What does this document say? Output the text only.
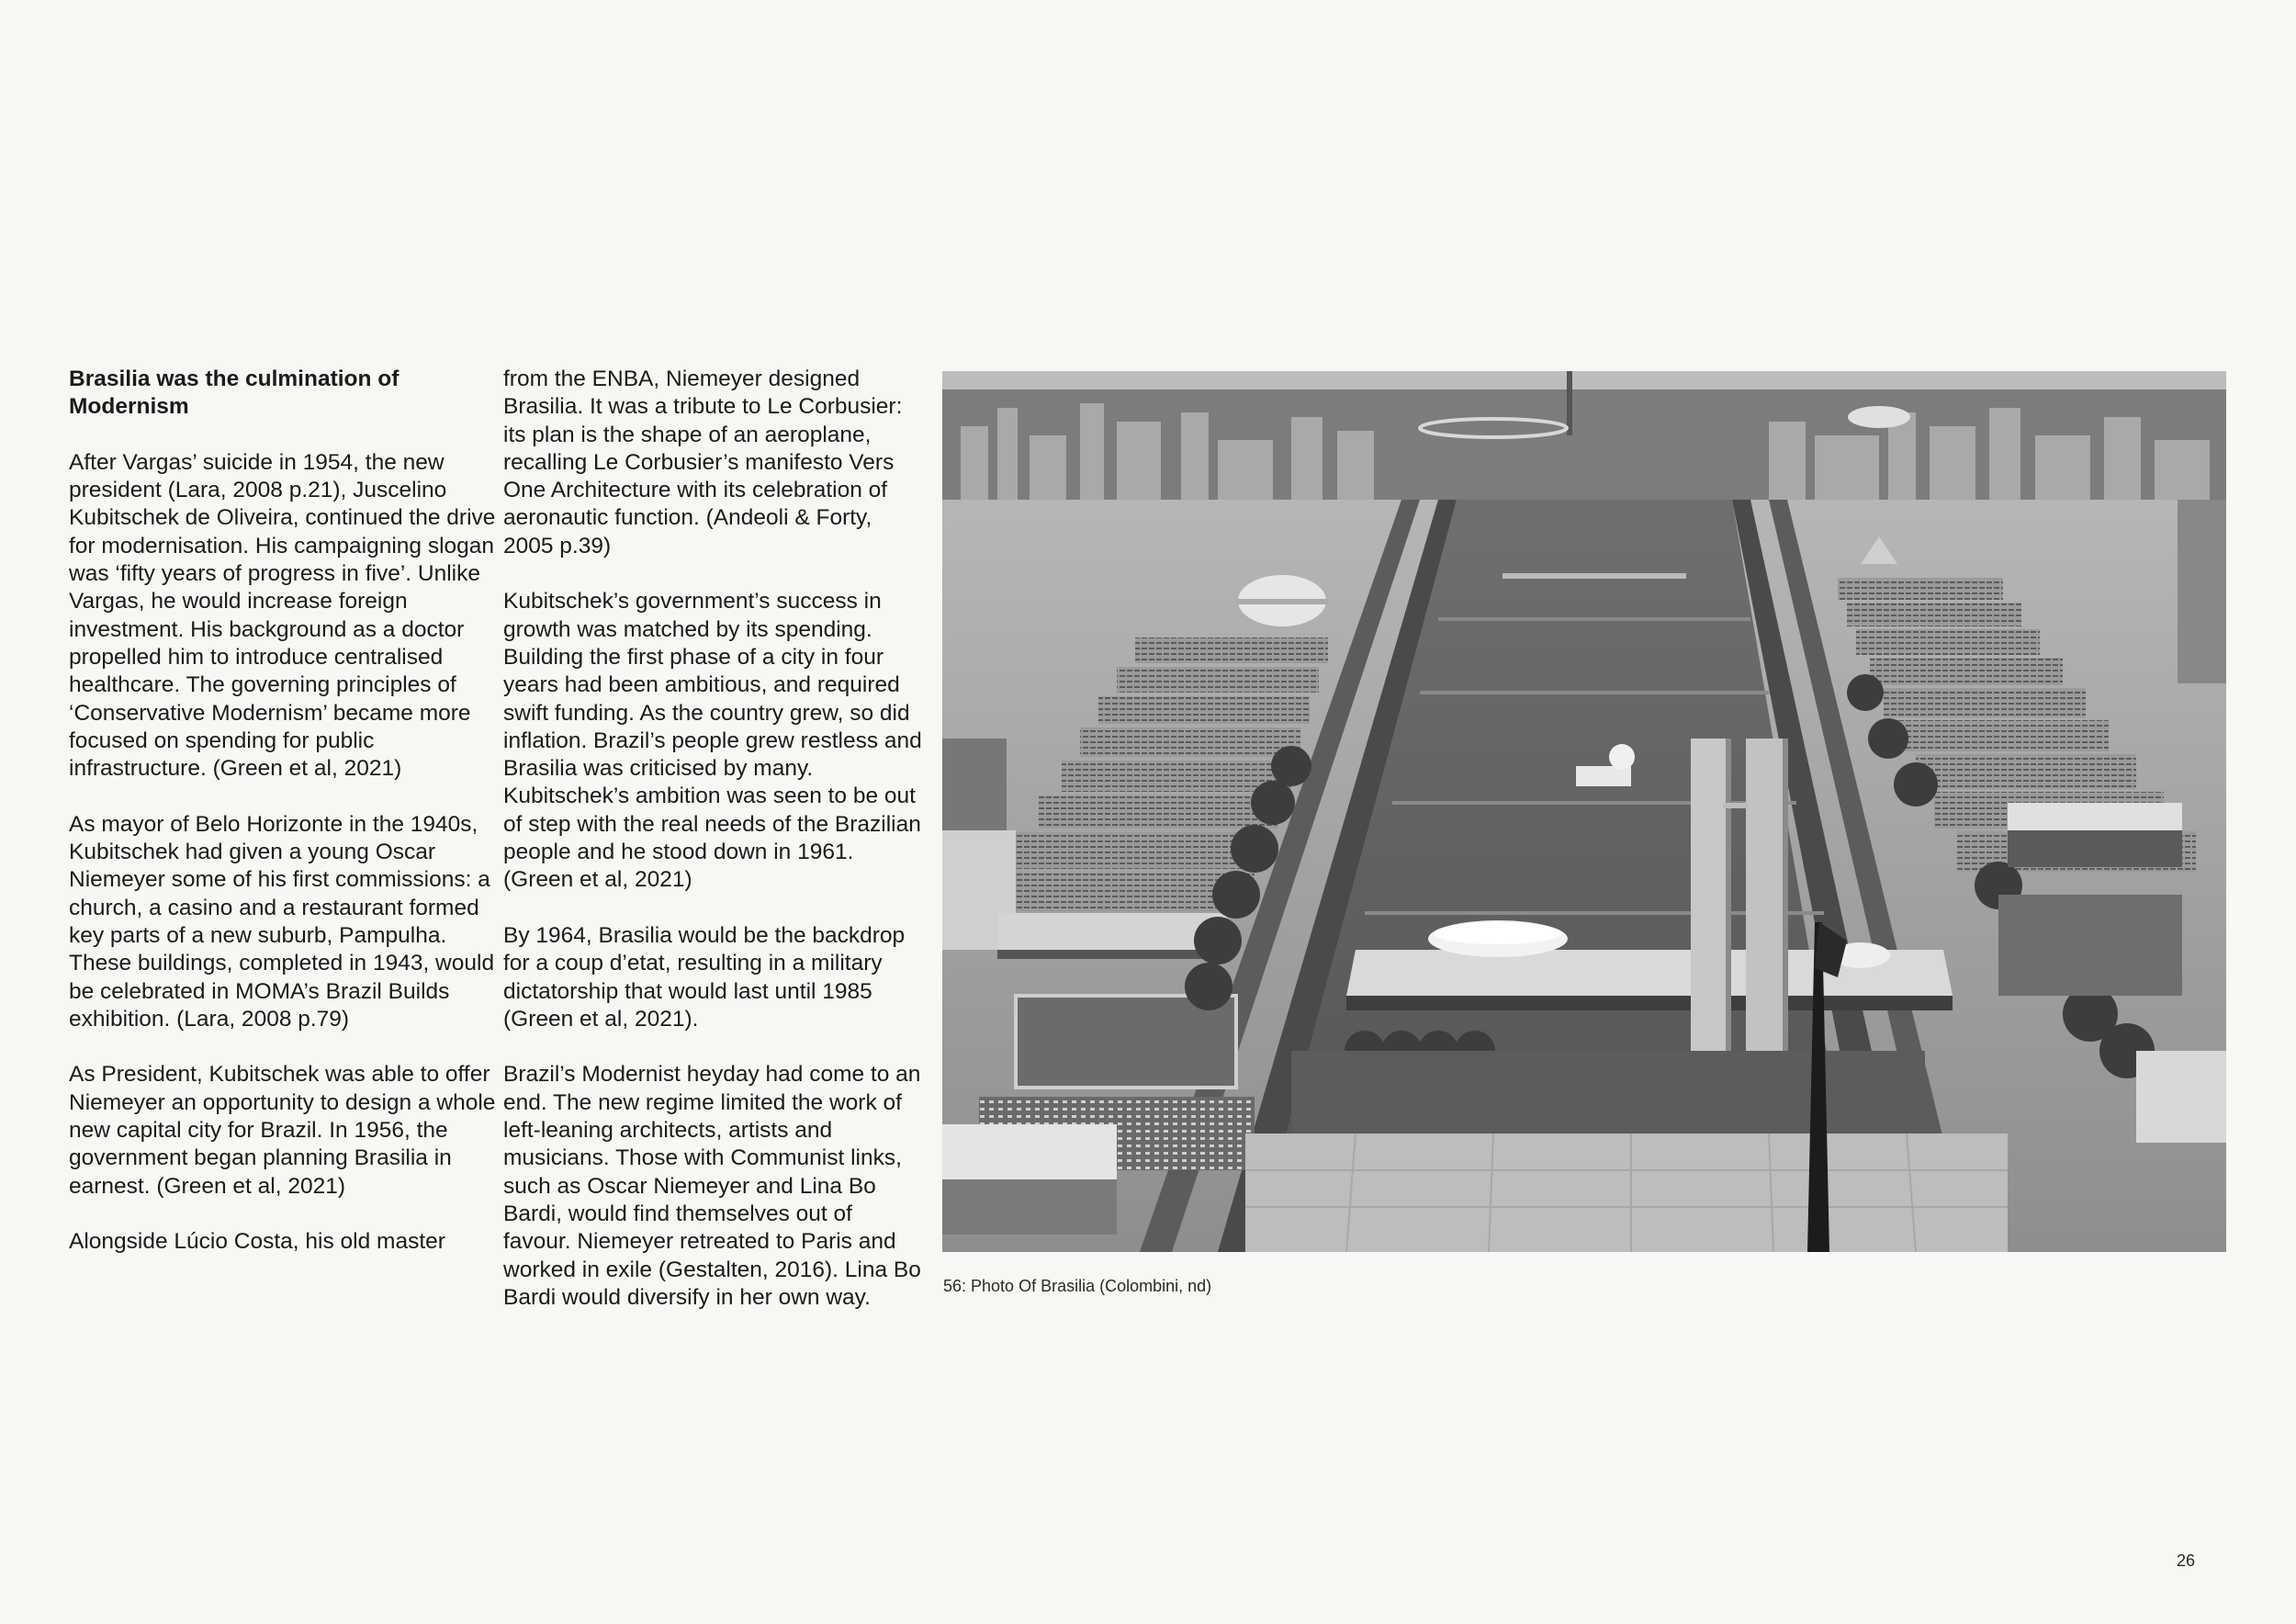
Brasilia was the culmination of Modernism

After Vargas’ suicide in 1954, the new president (Lara, 2008 p.21), Juscelino Kubitschek de Oliveira, continued the drive for modernisation. His campaigning slogan was ‘fifty years of progress in five’. Unlike Vargas, he would increase foreign investment. His background as a doctor propelled him to introduce centralised healthcare. The governing principles of ‘Conservative Modernism’ became more focused on spending for public infrastructure. (Green et al, 2021)

As mayor of Belo Horizonte in the 1940s, Kubitschek had given a young Oscar Niemeyer some of his first commissions: a church, a casino and a restaurant formed key parts of a new suburb, Pampulha. These buildings, completed in 1943, would be celebrated in MOMA’s Brazil Builds exhibition. (Lara, 2008 p.79)

As President, Kubitschek was able to offer Niemeyer an opportunity to design a whole new capital city for Brazil. In 1956, the government began planning Brasilia in earnest. (Green et al, 2021)

Alongside Lúcio Costa, his old master

from the ENBA, Niemeyer designed Brasilia. It was a tribute to Le Corbusier: its plan is the shape of an aeroplane, recalling Le Corbusier’s manifesto Vers One Architecture with its celebration of aeronautic function. (Andeoli & Forty, 2005 p.39)

Kubitschek’s government’s success in growth was matched by its spending. Building the first phase of a city in four years had been ambitious, and required swift funding. As the country grew, so did inflation. Brazil’s people grew restless and Brasilia was criticised by many. Kubitschek’s ambition was seen to be out of step with the real needs of the Brazilian people and he stood down in 1961. (Green et al, 2021)

By 1964, Brasilia would be the backdrop for a coup d’etat, resulting in a military dictatorship that would last until 1985 (Green et al, 2021).

Brazil’s Modernist heyday had come to an end. The new regime limited the work of left-leaning architects, artists and musicians. Those with Communist links, such as Oscar Niemeyer and Lina Bo Bardi, would find themselves out of favour. Niemeyer retreated to Paris and worked in exile (Gestalten, 2016). Lina Bo Bardi would diversify in her own way.	56: Photo Of Brasilia (Colombini, nd)
26
